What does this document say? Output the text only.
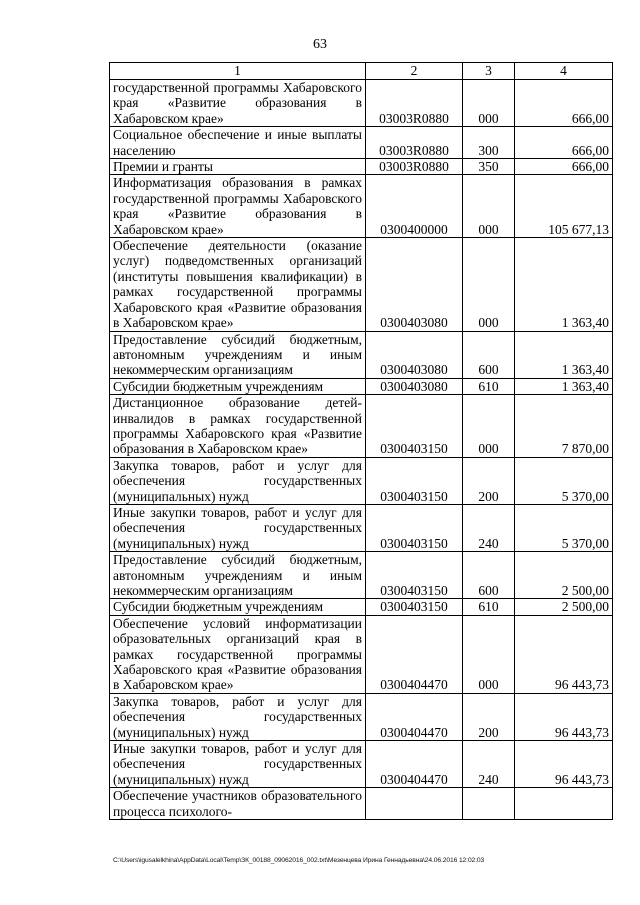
63
1	2	3	4
государственной программы Хабаровского края «Развитие образования в Хабаровском крае»	03003R0880	000	666,00
Социальное обеспечение и иные выплаты населению	03003R0880	300	666,00
Премии и гранты	03003R0880	350	666,00
Информатизация образования в рамках государственной программы Хабаровского края «Развитие образования в Хабаровском крае»	0300400000	000	105 677,13
Обеспечение деятельности (оказание услуг) подведомственных организаций (институты повышения квалификации) в рамках государственной программы Хабаровского края «Развитие образования в Хабаровском крае»	0300403080	000	1 363,40
Предоставление субсидий бюджетным, автономным учреждениям и иным некоммерческим организациям	0300403080	600	1 363,40
Субсидии бюджетным учреждениям	0300403080	610	1 363,40
Дистанционное образование детей-инвалидов в рамках государственной программы Хабаровского края «Развитие образования в Хабаровском крае»	0300403150	000	7 870,00
Закупка товаров, работ и услуг для обеспечения государственных (муниципальных) нужд	0300403150	200	5 370,00
Иные закупки товаров, работ и услуг для обеспечения государственных (муниципальных) нужд	0300403150	240	5 370,00
Предоставление субсидий бюджетным, автономным учреждениям и иным некоммерческим организациям	0300403150	600	2 500,00
Субсидии бюджетным учреждениям	0300403150	610	2 500,00
Обеспечение условий информатизации образовательных организаций края в рамках государственной программы Хабаровского края «Развитие образования в Хабаровском крае»	0300404470	000	96 443,73
Закупка товаров, работ и услуг для обеспечения государственных (муниципальных) нужд	0300404470	200	96 443,73
Иные закупки товаров, работ и услуг для обеспечения государственных (муниципальных) нужд	0300404470	240	96 443,73
Обеспечение участников образовательного процесса психолого-			
C:\Users\igusalelkhina\AppData\Local\Temp\ЗК_00188_09062016_002.txt\Мезенцева Ирина Геннадьевна\24.06.2016 12:02:03
